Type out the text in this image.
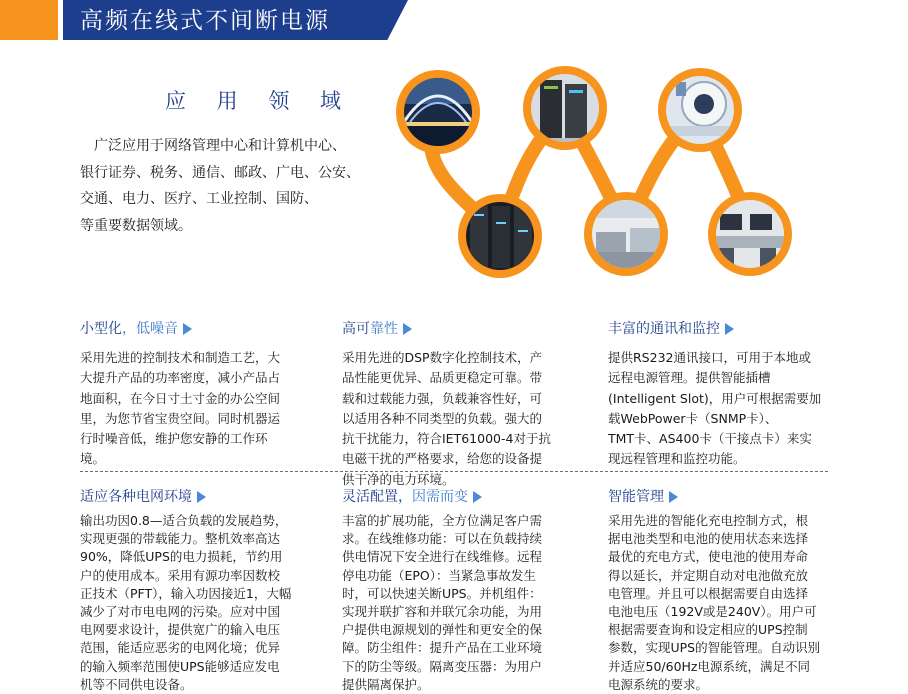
高频在线式不间断电源
应 用 领 域
广泛应用于网络管理中心和计算机中心、
银行证券、税务、通信、邮政、广电、公安、
交通、电力、医疗、工业控制、国防、
等重要数据领域。
小型化 ，低噪音
采用先进的控制技术和制造工艺，大
大提升产品的功率密度，减小产品占
地面积，在今日寸土寸金的办公空间
里，为您节省宝贵空间。同时机器运
行时噪音低，维护您安静的工作环
境。
高可 靠性
采用先进的DSP数字化控制技术，产
品性能更优异、品质更稳定可靠。带
载和过载能力强，负载兼容性好，可
以适用各种不同类型的负载。强大的
抗干扰能力，符合IET61000-4对于抗
电磁干扰的严格要求，给您的设备提
供干净的电力环境。
丰富的通讯和监控
提供RS232通讯接口，可用于本地或
远程电源管理。提供智能插槽
(Intelligent Slot)，用户可根据需要加
载WebPower卡（SNMP卡）、
TMT卡、AS400卡（干接点卡）来实
现远程管理和监控功能。
适应各种电网环境
输出功因0.8—适合负载的发展趋势，
实现更强的带载能力。整机效率高达
90%，降低UPS的电力损耗，节约用
户的使用成本。采用有源功率因数校
正技术（PFT），输入功因接近1，大幅
减少了对市电电网的污染。应对中国
电网要求设计，提供宽广的输入电压
范围，能适应恶劣的电网化境；优异
的输入频率范围使UPS能够适应发电
机等不同供电设备。
灵活配置， 因需而变
丰富的扩展功能，全方位满足客户需
求。在线维修功能：可以在负载持续
供电情况下安全进行在线维修。远程
停电功能（EPO）：当紧急事故发生
时，可以快速关断UPS。并机组件：
实现并联扩容和并联冗余功能，为用
户提供电源规划的弹性和更安全的保
障。防尘组件：提升产品在工业环境
下的防尘等级。隔离变压器：为用户
提供隔离保护。
智能管理
采用先进的智能化充电控制方式，根
据电池类型和电池的使用状态来选择
最优的充电方式，使电池的使用寿命
得以延长，并定期自动对电池做充放
电管理。并且可以根据需要自由选择
电池电压（192V或是240V）。用户可
根据需要查询和设定相应的UPS控制
参数，实现UPS的智能管理。自动识别
并适应50/60Hz电源系统，满足不同
电源系统的要求。
